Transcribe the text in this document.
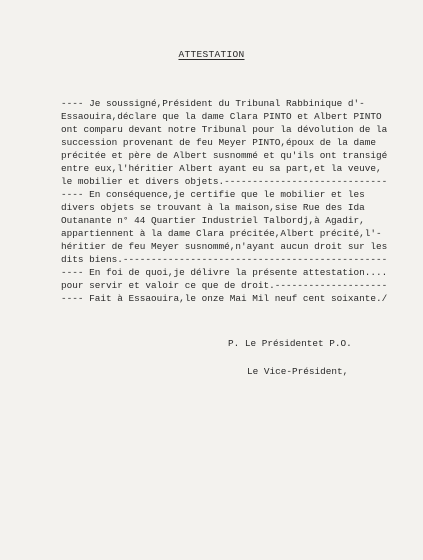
ATTESTATION
---- Je soussigné,Président du Tribunal Rabbinique d'-
Essaouira,déclare que la dame Clara PINTO et Albert PINTO
ont comparu devant notre Tribunal pour la dévolution de la
succession provenant de feu Meyer PINTO,époux de la dame
précitée et père de Albert susnommé et qu'ils ont transigé
entre eux,l'héritier Albert ayant eu sa part,et la veuve,
le mobilier et divers objets.-----------------------------
---- En conséquence,je certifie que le mobilier et les
divers objets se trouvant à la maison,sise Rue des Ida
Outanante n° 44 Quartier Industriel Talbordj,à Agadir,
appartiennent à la dame Clara précitée,Albert précité,l'-
héritier de feu Meyer susnommé,n'ayant aucun droit sur les
dits biens.-----------------------------------------------
---- En foi de quoi,je délivre la présente attestation....
pour servir et valoir ce que de droit.--------------------
---- Fait à Essaouira,le onze Mai Mil neuf cent soixante./
P. Le Présidentet P.O.
Le Vice-Président,
